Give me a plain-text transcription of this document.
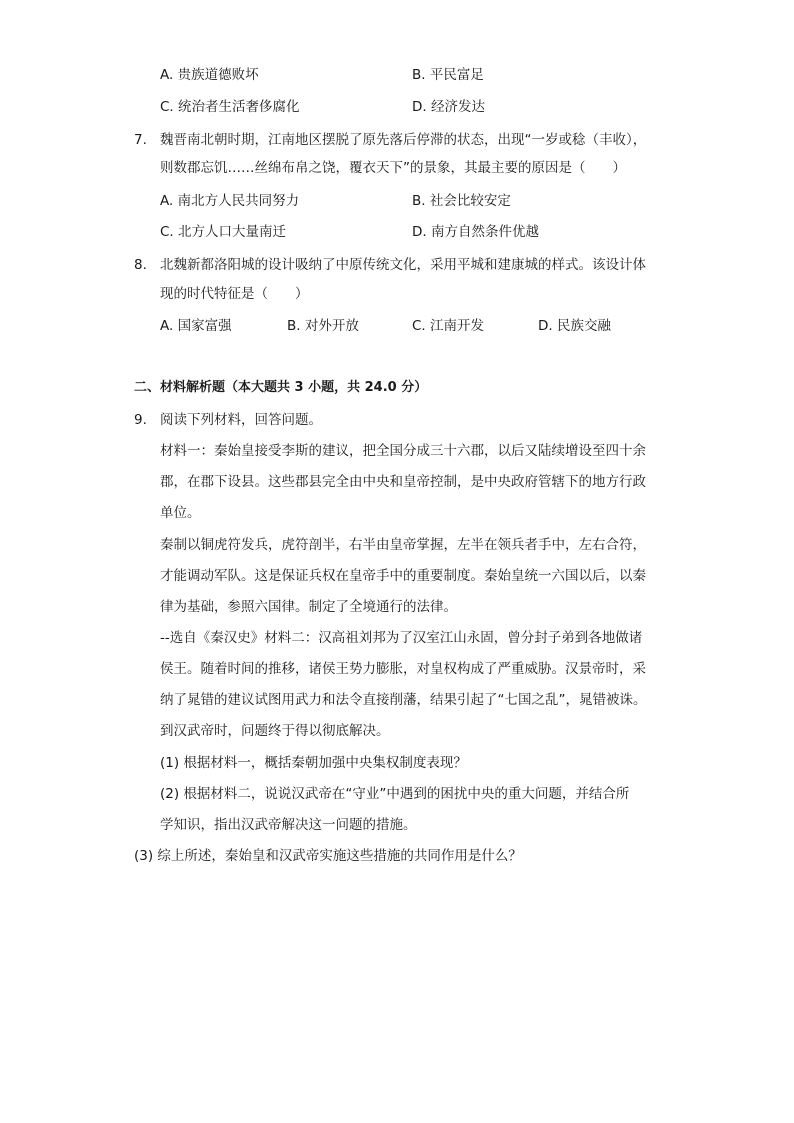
A. 贵族道德败坏	B. 平民富足
C. 统治者生活奢侈腐化	D. 经济发达
7. 魏晋南北朝时期，江南地区摆脱了原先落后停滞的状态，出现“一岁或稔（丰收），
则数郡忘饥……丝绵布帛之饶，覆衣天下”的景象，其最主要的原因是（　　）
A. 南北方人民共同努力	B. 社会比较安定
C. 北方人口大量南迁	D. 南方自然条件优越
8. 北魏新都洛阳城的设计吸纳了中原传统文化，采用平城和建康城的样式。该设计体
现的时代特征是（　　）
A. 国家富强	B. 对外开放	C. 江南开发	D. 民族交融
二、材料解析题（本大题共 3 小题，共 24.0 分）
9. 阅读下列材料，回答问题。
材料一：秦始皇接受李斯的建议，把全国分成三十六郡，以后又陆续增设至四十余
郡，在郡下设县。这些郡县完全由中央和皇帝控制，是中央政府管辖下的地方行政
单位。
秦制以铜虎符发兵，虎符剖半，右半由皇帝掌握，左半在领兵者手中，左右合符，
才能调动军队。这是保证兵权在皇帝手中的重要制度。秦始皇统一六国以后，以秦
律为基础，参照六国律。制定了全境通行的法律。
--选自《秦汉史》材料二：汉高祖刘邦为了汉室江山永固，曾分封子弟到各地做诸
侯王。随着时间的推移，诸侯王势力膨胀，对皇权构成了严重威胁。汉景帝时，采
纳了晁错的建议试图用武力和法令直接削藩，结果引起了“七国之乱”，晁错被诛。
到汉武帝时，问题终于得以彻底解决。
(1) 根据材料一，概括秦朝加强中央集权制度表现？
(2) 根据材料二，说说汉武帝在“守业”中遇到的困扰中央的重大问题，并结合所
学知识，指出汉武帝解决这一问题的措施。
(3) 综上所述，秦始皇和汉武帝实施这些措施的共同作用是什么？
